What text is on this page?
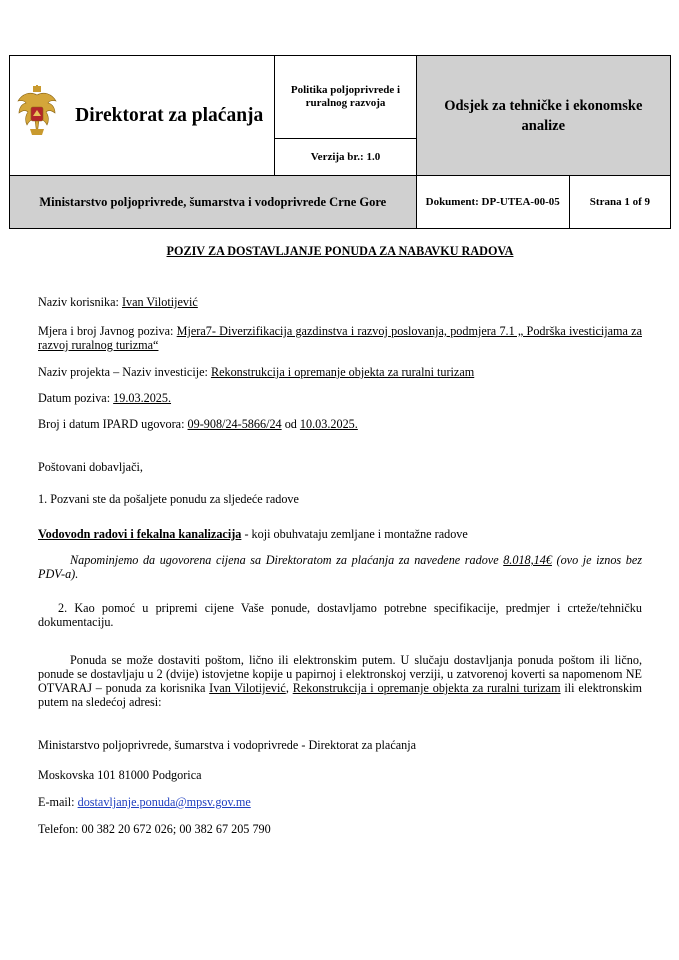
	Direktorat za plaćanja	Politika poljoprivrede i ruralnog razvoja	Odsjek za tehničke i ekonomske analize	
		Verzija br.: 1.0		
Ministarstvo poljoprivrede, šumarstva i vodoprivrede Crne Gore			Dokument: DP-UTEA-00-05	Strana 1 of 9
POZIV ZA DOSTAVLJANJE PONUDA ZA NABAVKU RADOVA
Naziv korisnika: Ivan Vilotijević
Mjera i broj Javnog poziva: Mjera7- Diverzifikacija gazdinstva i razvoj poslovanja, podmjera 7.1 „ Podrška ivesticijama za razvoj ruralnog turizma“
Naziv projekta – Naziv investicije: Rekonstrukcija i opremanje objekta za ruralni turizam
Datum poziva: 19.03.2025.
Broj i datum IPARD ugovora: 09-908/24-5866/24 od 10.03.2025.
Poštovani dobavljači,
1. Pozvani ste da pošaljete ponudu za sljedeće radove
Vodovodn radovi i fekalna kanalizacija - koji obuhvataju zemljane i montažne radove
Napominjemo da ugovorena cijena sa Direktoratom za plaćanja za navedene radove 8.018,14€ (ovo je iznos bez PDV-a).
2. Kao pomoć u pripremi cijene Vaše ponude, dostavljamo potrebne specifikacije, predmjer i crteže/tehničku dokumentaciju.
Ponuda se može dostaviti poštom, lično ili elektronskim putem. U slučaju dostavljanja ponuda poštom ili lično, ponude se dostavljaju u 2 (dvije) istovjetne kopije u papirnoj i elektronskoj verziji, u zatvorenoj koverti sa napomenom NE OTVARAJ – ponuda za korisnika Ivan Vilotijević, Rekonstrukcija i opremanje objekta za ruralni turizam ili elektronskim putem na sledećoj adresi:
Ministarstvo poljoprivrede, šumarstva i vodoprivrede - Direktorat za plaćanja
Moskovska 101 81000 Podgorica
E-mail: dostavljanje.ponuda@mpsv.gov.me
Telefon: 00 382 20 672 026; 00 382 67 205 790
